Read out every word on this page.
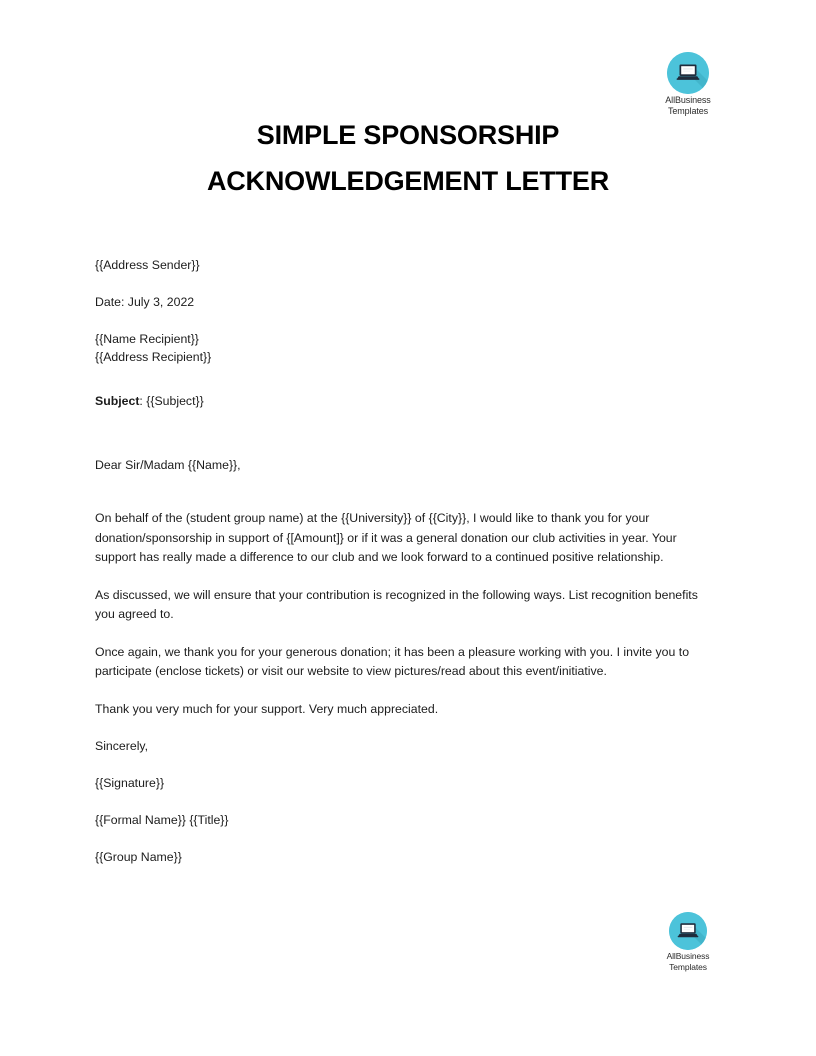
AllBusiness
Templates
SIMPLE SPONSORSHIP
ACKNOWLEDGEMENT LETTER
{{Address Sender}}
Date: July 3, 2022
{{Name Recipient}}
{{Address Recipient}}
Subject: {{Subject}}
Dear Sir/Madam {{Name}},

On behalf of the (student group name) at the {{University}} of {{City}}, I would like to thank you for your donation/sponsorship in support of {[Amount]} or if it was a general donation our club activities in year. Your support has really made a difference to our club and we look forward to a continued positive relationship.

As discussed, we will ensure that your contribution is recognized in the following ways. List recognition benefits you agreed to.

Once again, we thank you for your generous donation; it has been a pleasure working with you. I invite you to participate (enclose tickets) or visit our website to view pictures/read about this event/initiative.

Thank you very much for your support. Very much appreciated.

Sincerely,
{{Signature}}
{{Formal Name}} {{Title}}
{{Group Name}}
AllBusiness
Templates
